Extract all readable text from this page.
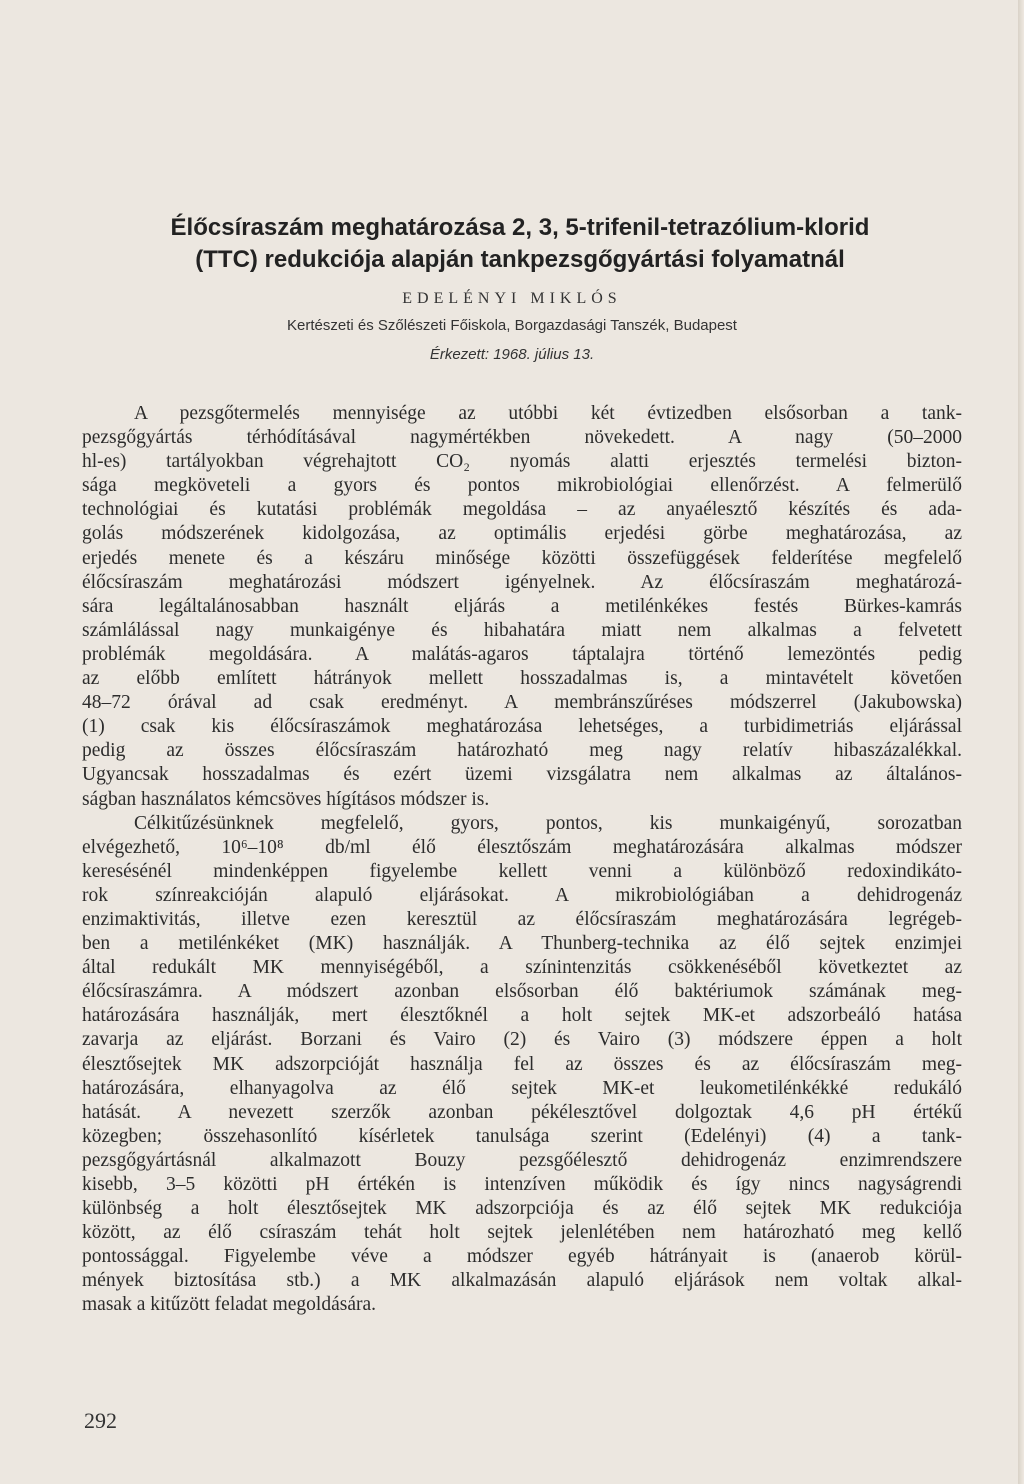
Élőcsíraszám meghatározása 2, 3, 5-trifenil-tetrazólium-klorid
(TTC) redukciója alapján tankpezsgőgyártási folyamatnál
EDELÉNYI MIKLÓS
Kertészeti és Szőlészeti Főiskola, Borgazdasági Tanszék, Budapest
Érkezett: 1968. július 13.
A pezsgőtermelés mennyisége az utóbbi két évtizedben elsősorban a tank-
pezsgőgyártás térhódításával nagymértékben növekedett. A nagy (50–2000
hl-es) tartályokban végrehajtott CO₂ nyomás alatti erjesztés termelési bizton-
sága megköveteli a gyors és pontos mikrobiológiai ellenőrzést. A felmerülő
technológiai és kutatási problémák megoldása – az anyaélesztő készítés és ada-
golás módszerének kidolgozása, az optimális erjedési görbe meghatározása, az
erjedés menete és a készáru minősége közötti összefüggések felderítése megfelelő
élőcsíraszám meghatározási módszert igényelnek. Az élőcsíraszám meghatározá-
sára legáltalánosabban használt eljárás a metilénkékes festés Bürkes-kamrás
számlálással nagy munkaigénye és hibahatára miatt nem alkalmas a felvetett
problémák megoldására. A malátás-agaros táptalajra történő lemezöntés pedig
az előbb említett hátrányok mellett hosszadalmas is, a mintavételt követően
48–72 órával ad csak eredményt. A membránszűréses módszerrel (Jakubowska)
(1) csak kis élőcsíraszámok meghatározása lehetséges, a turbidimetriás eljárással
pedig az összes élőcsíraszám határozható meg nagy relatív hibaszázalékkal.
Ugyancsak hosszadalmas és ezért üzemi vizsgálatra nem alkalmas az általános-
ságban használatos kémcsöves hígításos módszer is.
Célkitűzésünknek megfelelő, gyors, pontos, kis munkaigényű, sorozatban
elvégezhető, 10⁶–10⁸ db/ml élő élesztőszám meghatározására alkalmas módszer
keresésénél mindenképpen figyelembe kellett venni a különböző redoxindikáto-
rok színreakcióján alapuló eljárásokat. A mikrobiológiában a dehidrogenáz
enzimaktivitás, illetve ezen keresztül az élőcsíraszám meghatározására legrégeb-
ben a metilénkéket (MK) használják. A Thunberg-technika az élő sejtek enzimjei
által redukált MK mennyiségéből, a színintenzitás csökkenéséből következtet az
élőcsíraszámra. A módszert azonban elsősorban élő baktériumok számának meg-
határozására használják, mert élesztőknél a holt sejtek MK-et adszorbeáló hatása
zavarja az eljárást. Borzani és Vairo (2) és Vairo (3) módszere éppen a holt
élesztősejtek MK adszorpcióját használja fel az összes és az élőcsíraszám meg-
határozására, elhanyagolva az élő sejtek MK-et leukometilénkékké redukáló
hatását. A nevezett szerzők azonban pékélesztővel dolgoztak 4,6 pH értékű
közegben; összehasonlító kísérletek tanulsága szerint (Edelényi) (4) a tank-
pezsgőgyártásnál alkalmazott Bouzy pezsgőélesztő dehidrogenáz enzimrendszere
kisebb, 3–5 közötti pH értékén is intenzíven működik és így nincs nagyságrendi
különbség a holt élesztősejtek MK adszorpciója és az élő sejtek MK redukciója
között, az élő csíraszám tehát holt sejtek jelenlétében nem határozható meg kellő
pontossággal. Figyelembe véve a módszer egyéb hátrányait is (anaerob körül-
mények biztosítása stb.) a MK alkalmazásán alapuló eljárások nem voltak alkal-
masak a kitűzött feladat megoldására.
292
